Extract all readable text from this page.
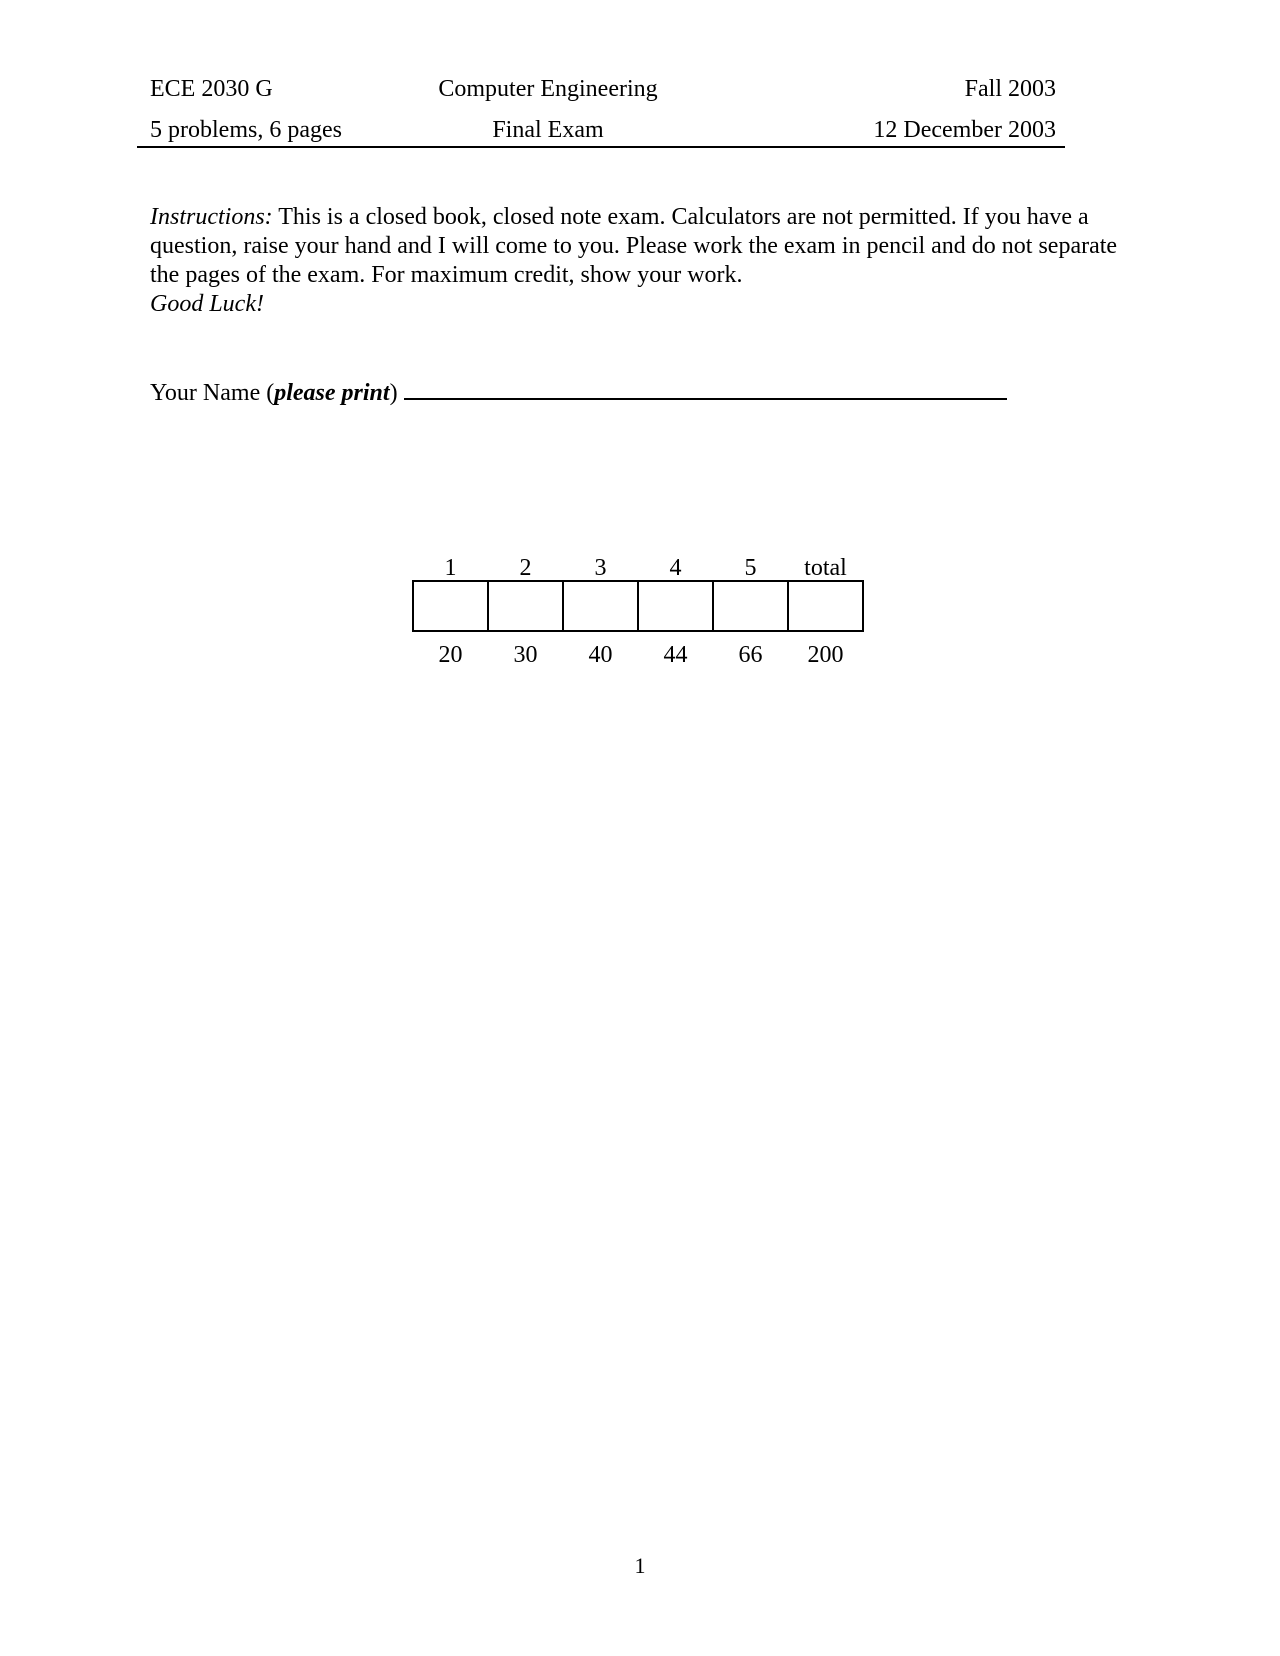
ECE 2030 G	Computer Engineering	Fall 2003
5 problems, 6 pages	Final Exam	12 December 2003
Instructions: This is a closed book, closed note exam. Calculators are not permitted. If you have a question, raise your hand and I will come to you. Please work the exam in pencil and do not separate the pages of the exam. For maximum credit, show your work.
Good Luck!
Your Name (please print)
1	2	3	4	5	total

20	30	40	44	66	200
1
